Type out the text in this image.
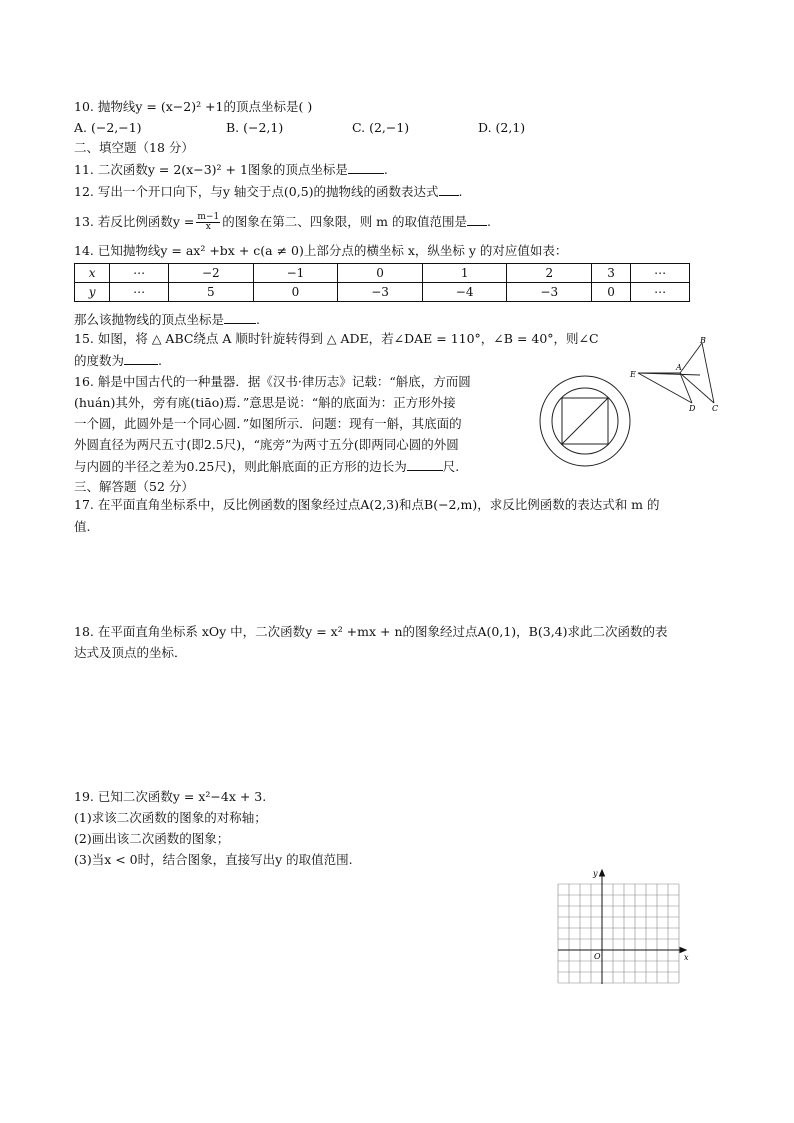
10. 抛物线y = (x−2)² +1的顶点坐标是( )
A. (−2,−1)	B. (−2,1)	C. (2,−1)	D. (2,1)
二、填空题（18 分）
11. 二次函数y = 2(x−3)² + 1图象的顶点坐标是	.
12. 写出一个开口向下，与y 轴交于点(0,5)的抛物线的函数表达式 .
13. 若反比例函数$y = \frac{m-1}{x}$ 的图象在第二、四象限，则 m 的取值范围是 .
14. 已知抛物线y = ax² +bx + c(a ≠ 0)上部分点的横坐标 x，纵坐标 y 的对应值如表：
x	⋯	−2	−1	0	1	2	3	⋯
y	⋯	5	0	−3	−4	−3	0	⋯
那么该抛物线的顶点坐标是	.
15. 如图，将 △ ABC绕点 A 顺时针旋转得到 △ ADE，若∠DAE = 110°，∠B = 40°，则∠C
的度数为	.
B
A
E
D C
16. 斛是中国古代的一种量器．据《汉书·律历志》记载：“斛底，方而圆
(huán)其外，旁有庣(tiāo)焉．”意思是说：“斛的底面为：正方形外接
一个圆，此圆外是一个同心圆．”如图所示．问题：现有一斛，其底面的
外圆直径为两尺五寸(即2.5尺)，“庣旁”为两寸五分(即两同心圆的外圆
与内圆的半径之差为0.25尺)，则此斛底面的正方形的边长为	尺.
三、解答题（52 分）
17. 在平面直角坐标系中，反比例函数的图象经过点A(2,3)和点B(−2,m)，求反比例函数的表达式和 m 的
值.
18. 在平面直角坐标系 xOy 中，二次函数y = x² +mx + n的图象经过点A(0,1)，B(3,4)求此二次函数的表
达式及顶点的坐标．
19. 已知二次函数y = x²−4x + 3.
(1)求该二次函数的图象的对称轴；
(2)画出该二次函数的图象；
(3)当x < 0时，结合图象，直接写出y 的取值范围.
y
O	x
